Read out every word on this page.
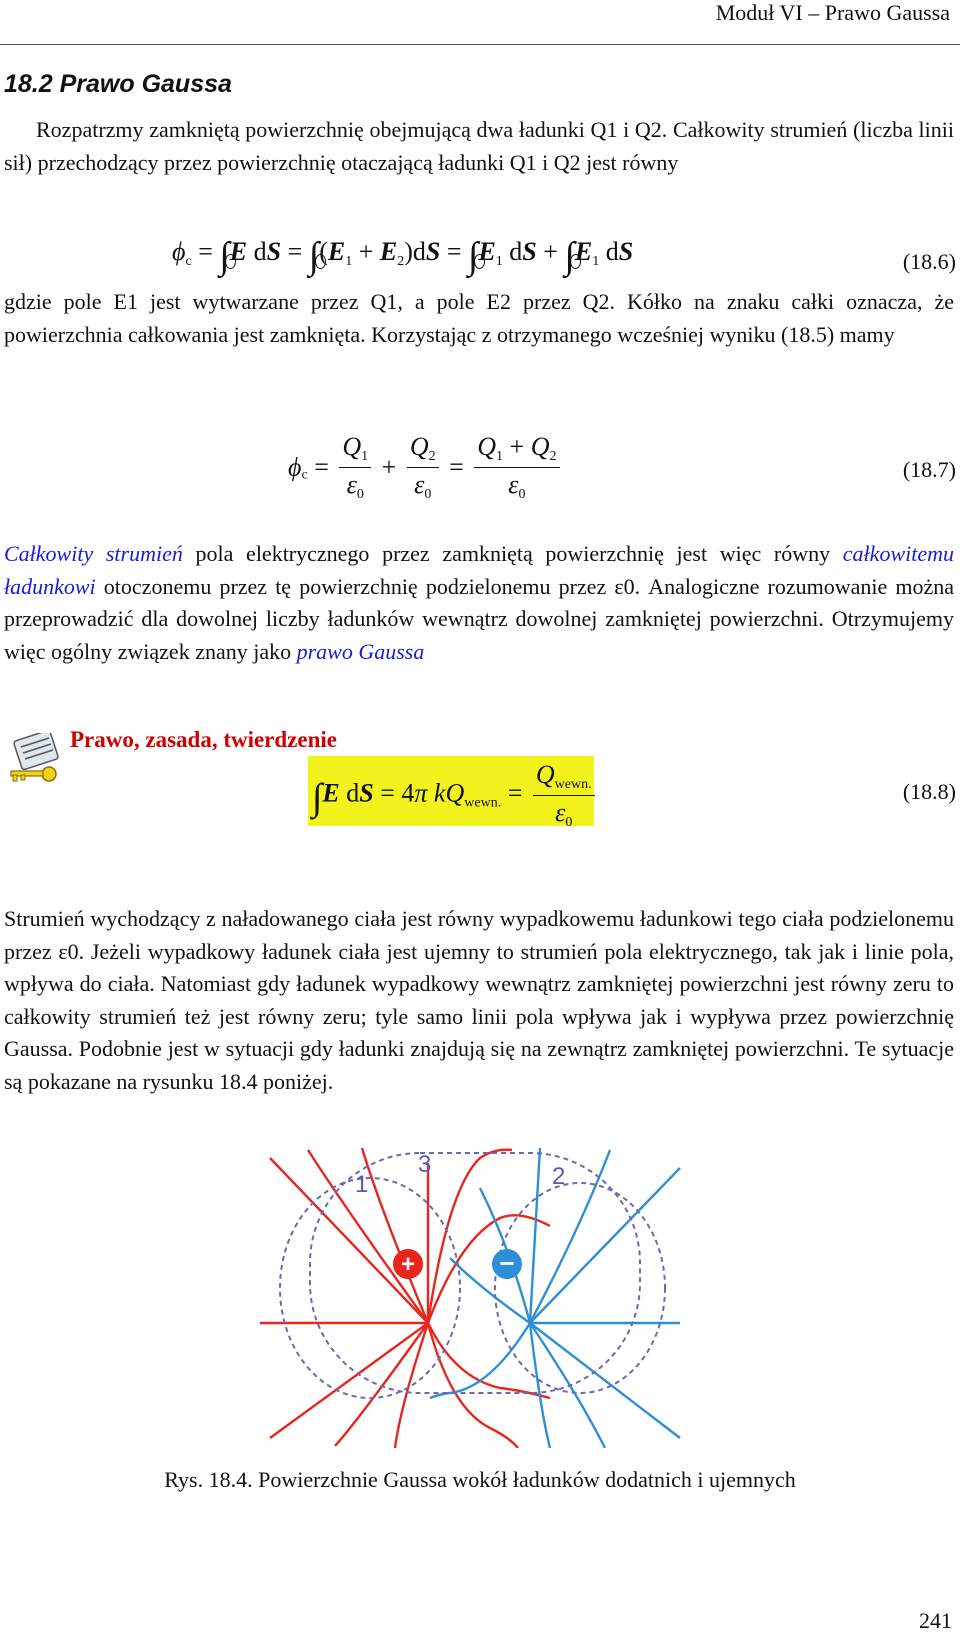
Moduł VI – Prawo Gaussa
18.2 Prawo Gaussa

Rozpatrzmy zamkniętą powierzchnię obejmującą dwa ładunki Q1 i Q2. Całkowity strumień (liczba linii sił) przechodzący przez powierzchnię otaczającą ładunki Q1 i Q2 jest równy

$\phi_c = \int E$ dS = $\int(E_1 + E_2)dS = \int E_1$ dS + $\int E_1$ dS	(18.6)

gdzie pole E1 jest wytwarzane przez Q1, a pole E2 przez Q2. Kółko na znaku całki oznacza, że powierzchnia całkowania jest zamknięta. Korzystając z otrzymanego wcześniej wyniku (18.5) mamy

$\phi_c = \frac{Q_1}{\varepsilon_0} + \frac{Q_2}{\varepsilon_0} = \frac{Q_1 + Q_2}{\varepsilon_0}$	(18.7)

Całkowity strumień pola elektrycznego przez zamkniętą powierzchnię jest więc równy całkowitemu ładunkowi otoczonemu przez tę powierzchnię podzielonemu przez ε0. Analogiczne rozumowanie można przeprowadzić dla dowolnej liczby ładunków wewnątrz dowolnej zamkniętej powierzchni. Otrzymujemy więc ogólny związek znany jako prawo Gaussa

Prawo, zasada, twierdzenie
∫E dS = 4π $kQ_{wewn.} = \frac{Q_{wewn.}}{\varepsilon_0}$	(18.8)

Strumień wychodzący z naładowanego ciała jest równy wypadkowemu ładunkowi tego ciała podzielonemu przez ε0. Jeżeli wypadkowy ładunek ciała jest ujemny to strumień pola elektrycznego, tak jak i linie pola, wpływa do ciała. Natomiast gdy ładunek wypadkowy wewnątrz zamkniętej powierzchni jest równy zeru to całkowity strumień też jest równy zeru; tyle samo linii pola wpływa jak i wypływa przez powierzchnię Gaussa. Podobnie jest w sytuacji gdy ładunki znajdują się na zewnątrz zamkniętej powierzchni. Te sytuacje są pokazane na rysunku 18.4 poniżej.

+	−
1	2
3
Rys. 18.4. Powierzchnie Gaussa wokół ładunków dodatnich i ujemnych
241
